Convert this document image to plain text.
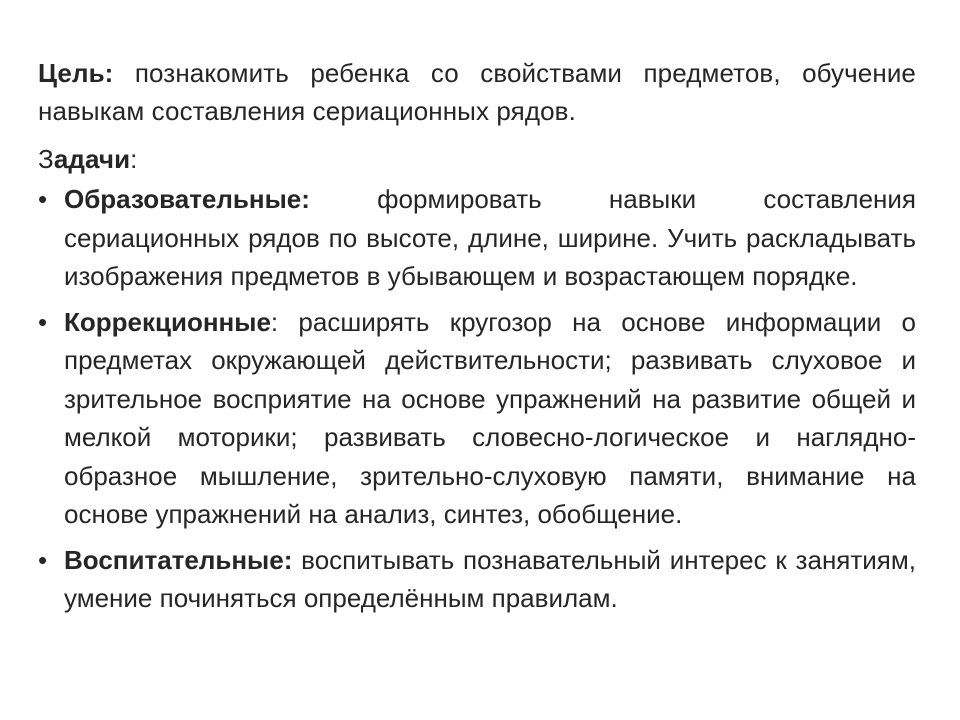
Цель: познакомить ребенка со свойствами предметов, обучение навыкам составления сериационных рядов.

Задачи:

• Образовательные: формировать навыки составления сериационных рядов по высоте, длине, ширине. Учить раскладывать изображения предметов в убывающем и возрастающем порядке.
• Коррекционные: расширять кругозор на основе информации о предметах окружающей действительности; развивать слуховое и зрительное восприятие на основе упражнений на развитие общей и мелкой моторики; развивать словесно-логическое и наглядно-образное мышление, зрительно-слуховую памяти, внимание на основе упражнений на анализ, синтез, обобщение.
• Воспитательные: воспитывать познавательный интерес к занятиям, умение починяться определённым правилам.
